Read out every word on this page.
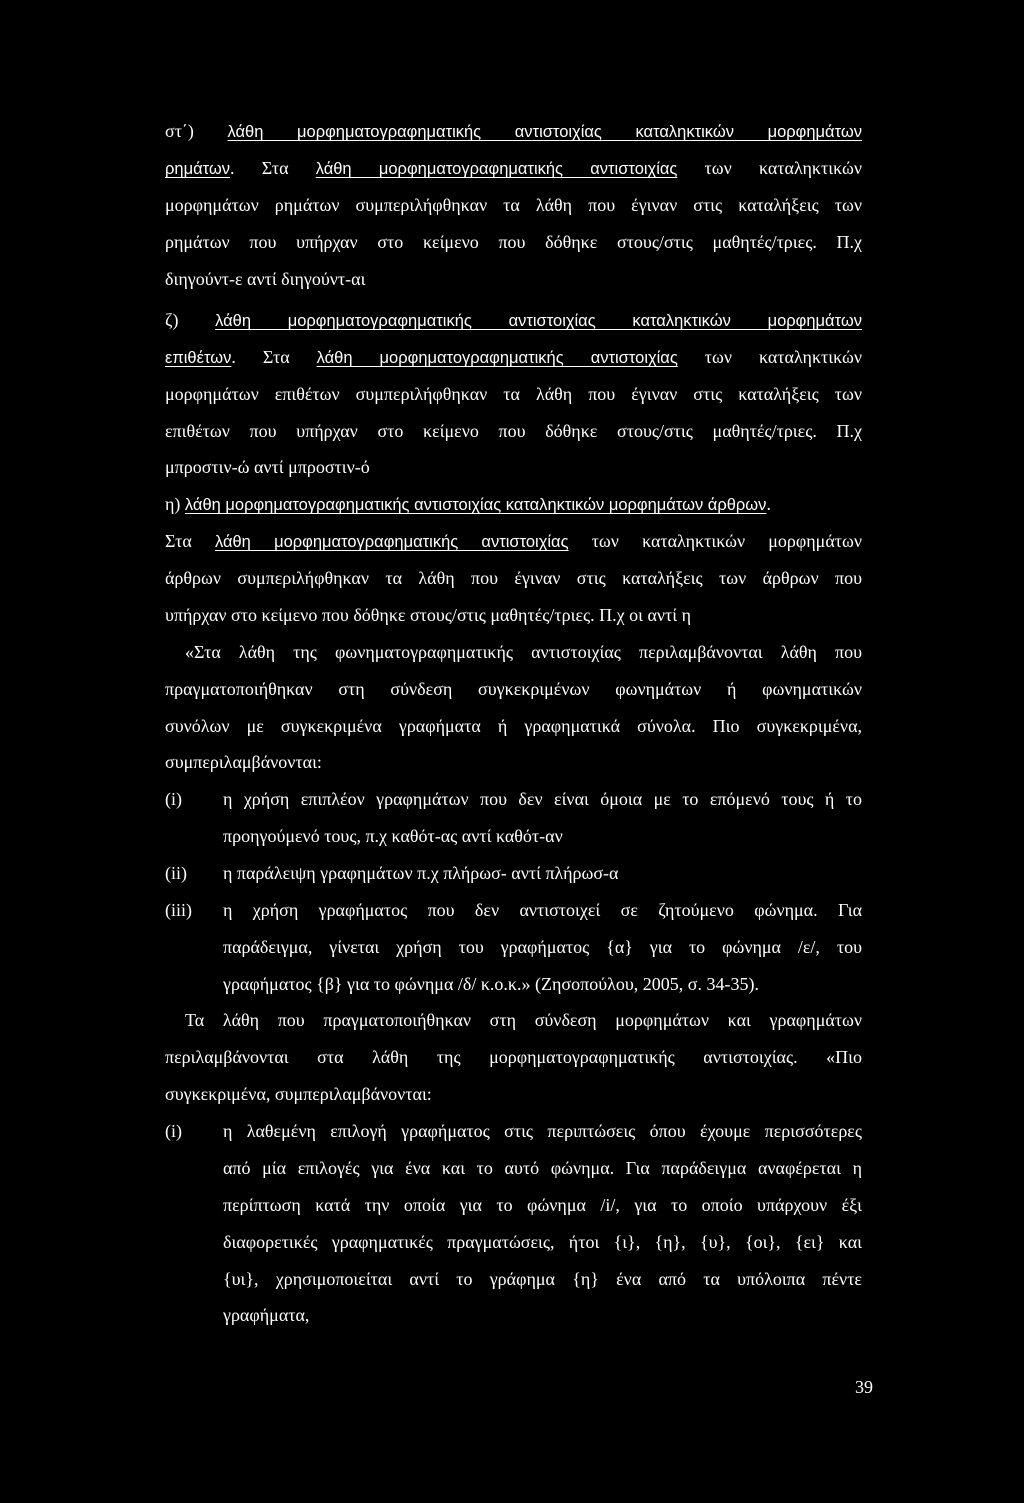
στ΄) λάθη μορφηματογραφηματικής αντιστοιχίας καταληκτικών μορφημάτων
ρημάτων. Στα λάθη μορφηματογραφηματικής αντιστοιχίας των καταληκτικών
μορφημάτων ρημάτων συμπεριλήφθηκαν τα λάθη που έγιναν στις καταλήξεις των
ρημάτων που υπήρχαν στο κείμενο που δόθηκε στους/στις μαθητές/τριες. Π.χ
διηγούντ-ε αντί διηγούντ-αι
ζ) λάθη μορφηματογραφηματικής αντιστοιχίας καταληκτικών μορφημάτων
επιθέτων. Στα λάθη μορφηματογραφηματικής αντιστοιχίας των καταληκτικών
μορφημάτων επιθέτων συμπεριλήφθηκαν τα λάθη που έγιναν στις καταλήξεις των
επιθέτων που υπήρχαν στο κείμενο που δόθηκε στους/στις μαθητές/τριες. Π.χ
μπροστιν-ώ αντί μπροστιν-ό
η) λάθη μορφηματογραφηματικής αντιστοιχίας καταληκτικών μορφημάτων άρθρων.
Στα λάθη μορφηματογραφηματικής αντιστοιχίας των καταληκτικών μορφημάτων
άρθρων συμπεριλήφθηκαν τα λάθη που έγιναν στις καταλήξεις των άρθρων που
υπήρχαν στο κείμενο που δόθηκε στους/στις μαθητές/τριες. Π.χ οι αντί η
«Στα λάθη της φωνηματογραφηματικής αντιστοιχίας περιλαμβάνονται λάθη που
πραγματοποιήθηκαν στη σύνδεση συγκεκριμένων φωνημάτων ή φωνηματικών
συνόλων με συγκεκριμένα γραφήματα ή γραφηματικά σύνολα. Πιο συγκεκριμένα,
συμπεριλαμβάνονται:
(i)	η χρήση επιπλέον γραφημάτων που δεν είναι όμοια με το επόμενό τους ή το
προηγούμενό τους, π.χ καθότ-ας αντί καθότ-αν
(ii)	η παράλειψη γραφημάτων π.χ πλήρωσ- αντί πλήρωσ-α
(iii)	η χρήση γραφήματος που δεν αντιστοιχεί σε ζητούμενο φώνημα. Για
παράδειγμα, γίνεται χρήση του γραφήματος {α} για το φώνημα /ε/, του
γραφήματος {β} για το φώνημα /δ/ κ.ο.κ.» (Ζησοπούλου, 2005, σ. 34-35).
Τα λάθη που πραγματοποιήθηκαν στη σύνδεση μορφημάτων και γραφημάτων
περιλαμβάνονται στα λάθη της μορφηματογραφηματικής αντιστοιχίας. «Πιο
συγκεκριμένα, συμπεριλαμβάνονται:
(i)	η λαθεμένη επιλογή γραφήματος στις περιπτώσεις όπου έχουμε περισσότερες
από μία επιλογές για ένα και το αυτό φώνημα. Για παράδειγμα αναφέρεται η
περίπτωση κατά την οποία για το φώνημα /i/, για το οποίο υπάρχουν έξι
διαφορετικές γραφηματικές πραγματώσεις, ήτοι {ι}, {η}, {υ}, {οι}, {ει} και
{υι}, χρησιμοποιείται αντί το γράφημα {η} ένα από τα υπόλοιπα πέντε
γραφήματα,
39
